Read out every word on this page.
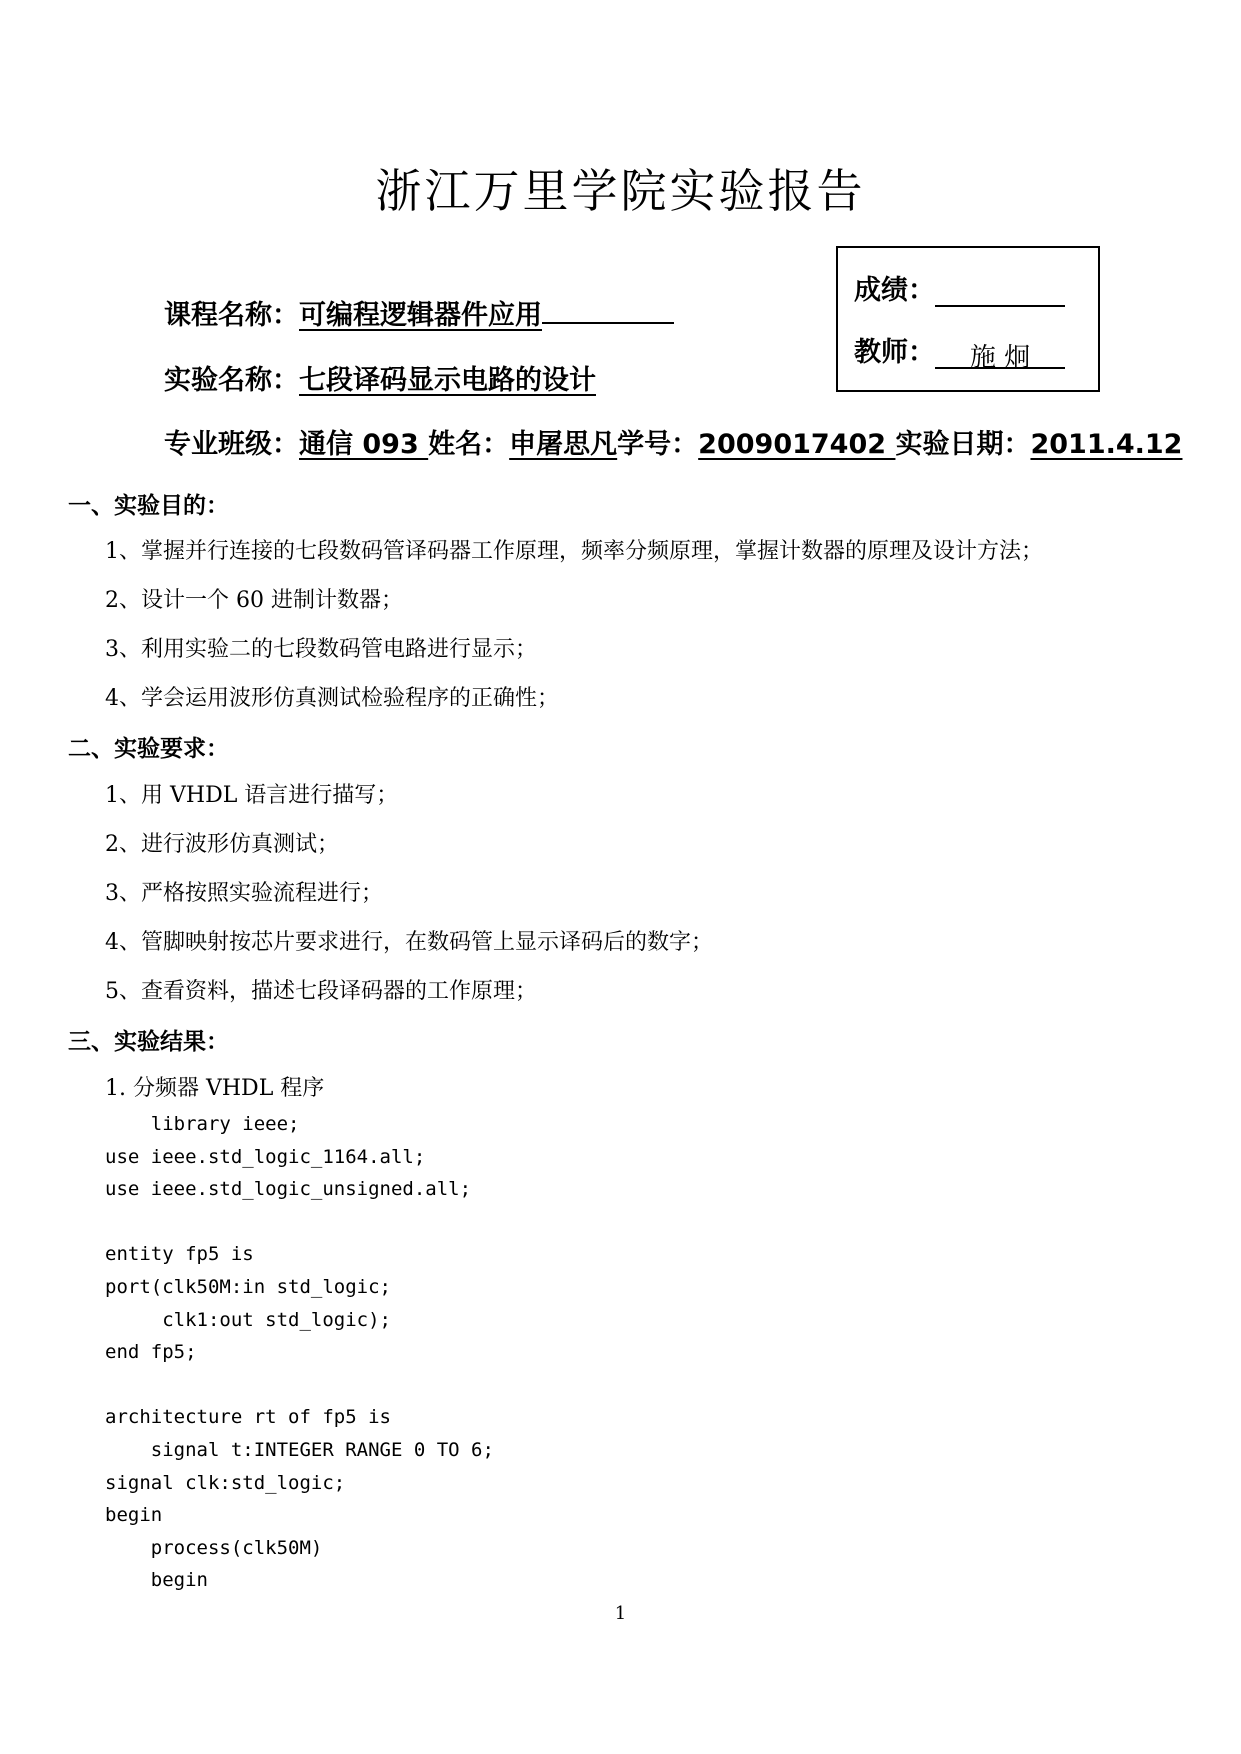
浙江万里学院实验报告
成绩：
教师： 施 炯
课程名称：可编程逻辑器件应用
实验名称：七段译码显示电路的设计
专业班级：通信 093 姓名：申屠思凡学号：2009017402 实验日期：2011.4.12
一、实验目的：
1、掌握并行连接的七段数码管译码器工作原理，频率分频原理，掌握计数器的原理及设计方法；
2、设计一个 60 进制计数器；
3、利用实验二的七段数码管电路进行显示；
4、学会运用波形仿真测试检验程序的正确性；
二、实验要求：
1、用 VHDL 语言进行描写；
2、进行波形仿真测试；
3、严格按照实验流程进行；
4、管脚映射按芯片要求进行，在数码管上显示译码后的数字；
5、查看资料，描述七段译码器的工作原理；
三、实验结果：
1. 分频器 VHDL 程序
library ieee;
use ieee.std_logic_1164.all;
use ieee.std_logic_unsigned.all;
entity fp5 is
port(clk50M:in std_logic;
clk1:out std_logic);
end fp5;
architecture rt of fp5 is
signal t:INTEGER RANGE 0 TO 6;
signal clk:std_logic;
begin
process(clk50M)
begin
1
